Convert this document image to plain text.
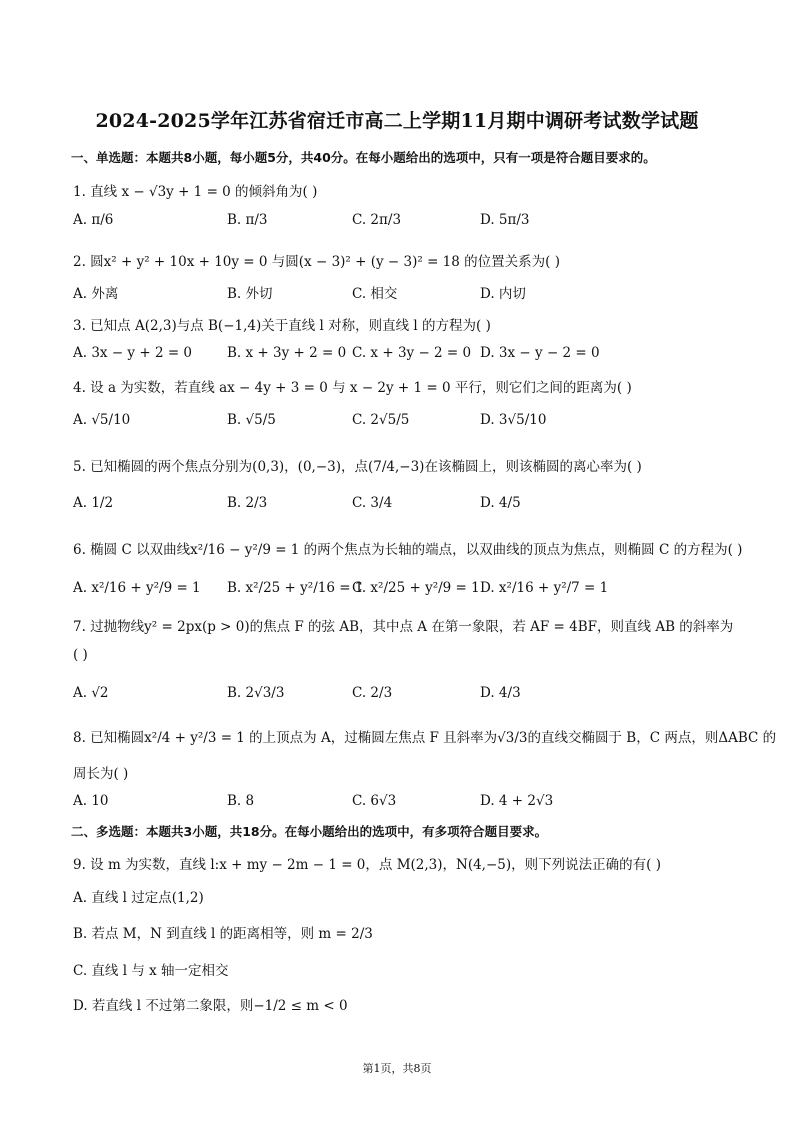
2024-2025学年江苏省宿迁市高二上学期11月期中调研考试数学试题
一、单选题：本题共8小题，每小题5分，共40分。在每小题给出的选项中，只有一项是符合题目要求的。
1. 直线 x − √3y + 1 = 0 的倾斜角为( )
A. π/6	B. π/3	C. 2π/3	D. 5π/3
2. 圆x² + y² + 10x + 10y = 0 与圆(x − 3)² + (y − 3)² = 18 的位置关系为( )
A. 外离	B. 外切	C. 相交	D. 内切
3. 已知点 A(2,3)与点 B(−1,4)关于直线 l 对称，则直线 l 的方程为( )
A. 3x − y + 2 = 0	B. x + 3y + 2 = 0 C. x + 3y − 2 = 0 D. 3x − y − 2 = 0
4. 设 a 为实数，若直线 ax − 4y + 3 = 0 与 x − 2y + 1 = 0 平行，则它们之间的距离为( )
A. √5/10	B. √5/5	C. 2√5/5	D. 3√5/10
5. 已知椭圆的两个焦点分别为(0,3)，(0,−3)，点(7/4,−3)在该椭圆上，则该椭圆的离心率为( )
A. 1/2	B. 2/3	C. 3/4	D. 4/5
6. 椭圆 C 以双曲线x²/16 − y²/9 = 1 的两个焦点为长轴的端点，以双曲线的顶点为焦点，则椭圆 C 的方程为( )
A. x²/16 + y²/9 = 1 B. x²/25 + y²/16 = 1
C. x²/25 + y²/9 = 1 D. x²/16 + y²/7 = 1
7. 过抛物线y² = 2px(p > 0)的焦点 F 的弦 AB，其中点 A 在第一象限，若 AF = 4BF，则直线 AB 的斜率为
( )
A. √2	B. 2√3/3	C. 2/3	D. 4/3
8. 已知椭圆x²/4 + y²/3 = 1 的上顶点为 A，过椭圆左焦点 F 且斜率为√3/3的直线交椭圆于 B，C 两点，则ΔABC 的
周长为( )
A. 10	B. 8	C. 6√3	D. 4 + 2√3
二、多选题：本题共3小题，共18分。在每小题给出的选项中，有多项符合题目要求。
9. 设 m 为实数，直线 l:x + my − 2m − 1 = 0，点 M(2,3)，N(4,−5)，则下列说法正确的有( )
A. 直线 l 过定点(1,2)
B. 若点 M，N 到直线 l 的距离相等，则 m = 2/3
C. 直线 l 与 x 轴一定相交
D. 若直线 l 不过第二象限，则−1/2 ≤ m < 0
第1页，共8页
